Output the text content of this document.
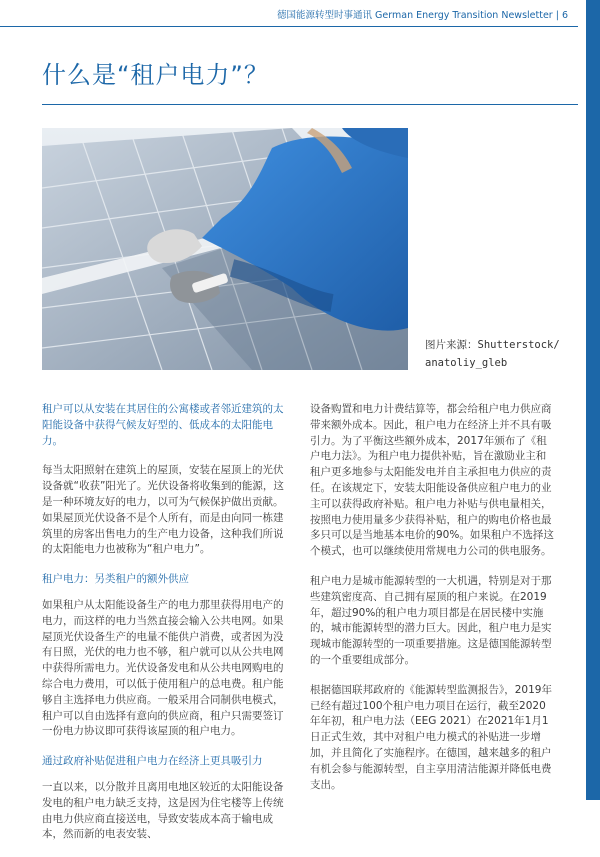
德国能源转型时事通讯 German Energy Transition Newsletter | 6
什么是“租户电力”？
图片来源：Shutterstock/ anatoliy_gleb

租户可以从安装在其居住的公寓楼或者邻近建筑的太阳能设备中获得气候友好型的、低成本的太阳能电力。

每当太阳照射在建筑上的屋顶，安装在屋顶上的光伏设备就“收获”阳光了。光伏设备将收集到的能源，这是一种环境友好的电力，以可为气候保护做出贡献。如果屋顶光伏设备不是个人所有，而是由向同一栋建筑里的房客出售电力的生产电力设备，这种我们所说的太阳能电力也被称为“租户电力”。

租户电力：另类租户的额外供应

如果租户从太阳能设备生产的电力那里获得用电产的电力，而这样的电力当然直接会输入公共电网。如果屋顶光伏设备生产的电量不能供户消费，或者因为没有日照，光伏的电力也不够，租户就可以从公共电网中获得所需电力。光伏设备发电和从公共电网购电的综合电力费用，可以低于使用租户的总电费。租户能够自主选择电力供应商。一般采用合同制供电模式，租户可以自由选择有意向的供应商，租户只需要签订一份电力协议即可获得该屋顶的租户电力。

通过政府补贴促进租户电力在经济上更具吸引力

一直以来，以分散并且离用电地区较近的太阳能设备发电的租户电力缺乏支持，这是因为住宅楼等上传统由电力供应商直接送电，导致安装成本高于输电成本，然而新的电表安装、

设备购置和电力计费结算等，都会给租户电力供应商带来额外成本。因此，租户电力在经济上并不具有吸引力。为了平衡这些额外成本，2017年颁布了《租户电力法》。为租户电力提供补贴，旨在激励业主和租户更多地参与太阳能发电并自主承担电力供应的责任。在该规定下，安装太阳能设备供应租户电力的业主可以获得政府补贴。租户电力补贴与供电量相关，按照电力使用量多少获得补贴，租户的购电价格也最多只可以是当地基本电价的90%。如果租户不选择这个模式，也可以继续使用常规电力公司的供电服务。

租户电力是城市能源转型的一大机遇，特别是对于那些建筑密度高、自己拥有屋顶的租户来说。在2019年，超过90%的租户电力项目都是在居民楼中实施的，城市能源转型的潜力巨大。因此，租户电力是实现城市能源转型的一项重要措施。这是德国能源转型的一个重要组成部分。

根据德国联邦政府的《能源转型监测报告》，2019年已经有超过100个租户电力项目在运行，截至2020年年初，租户电力法（EEG 2021）在2021年1月1日正式生效，其中对租户电力模式的补贴进一步增加，并且简化了实施程序。在德国，越来越多的租户有机会参与能源转型，自主享用清洁能源并降低电费支出。
